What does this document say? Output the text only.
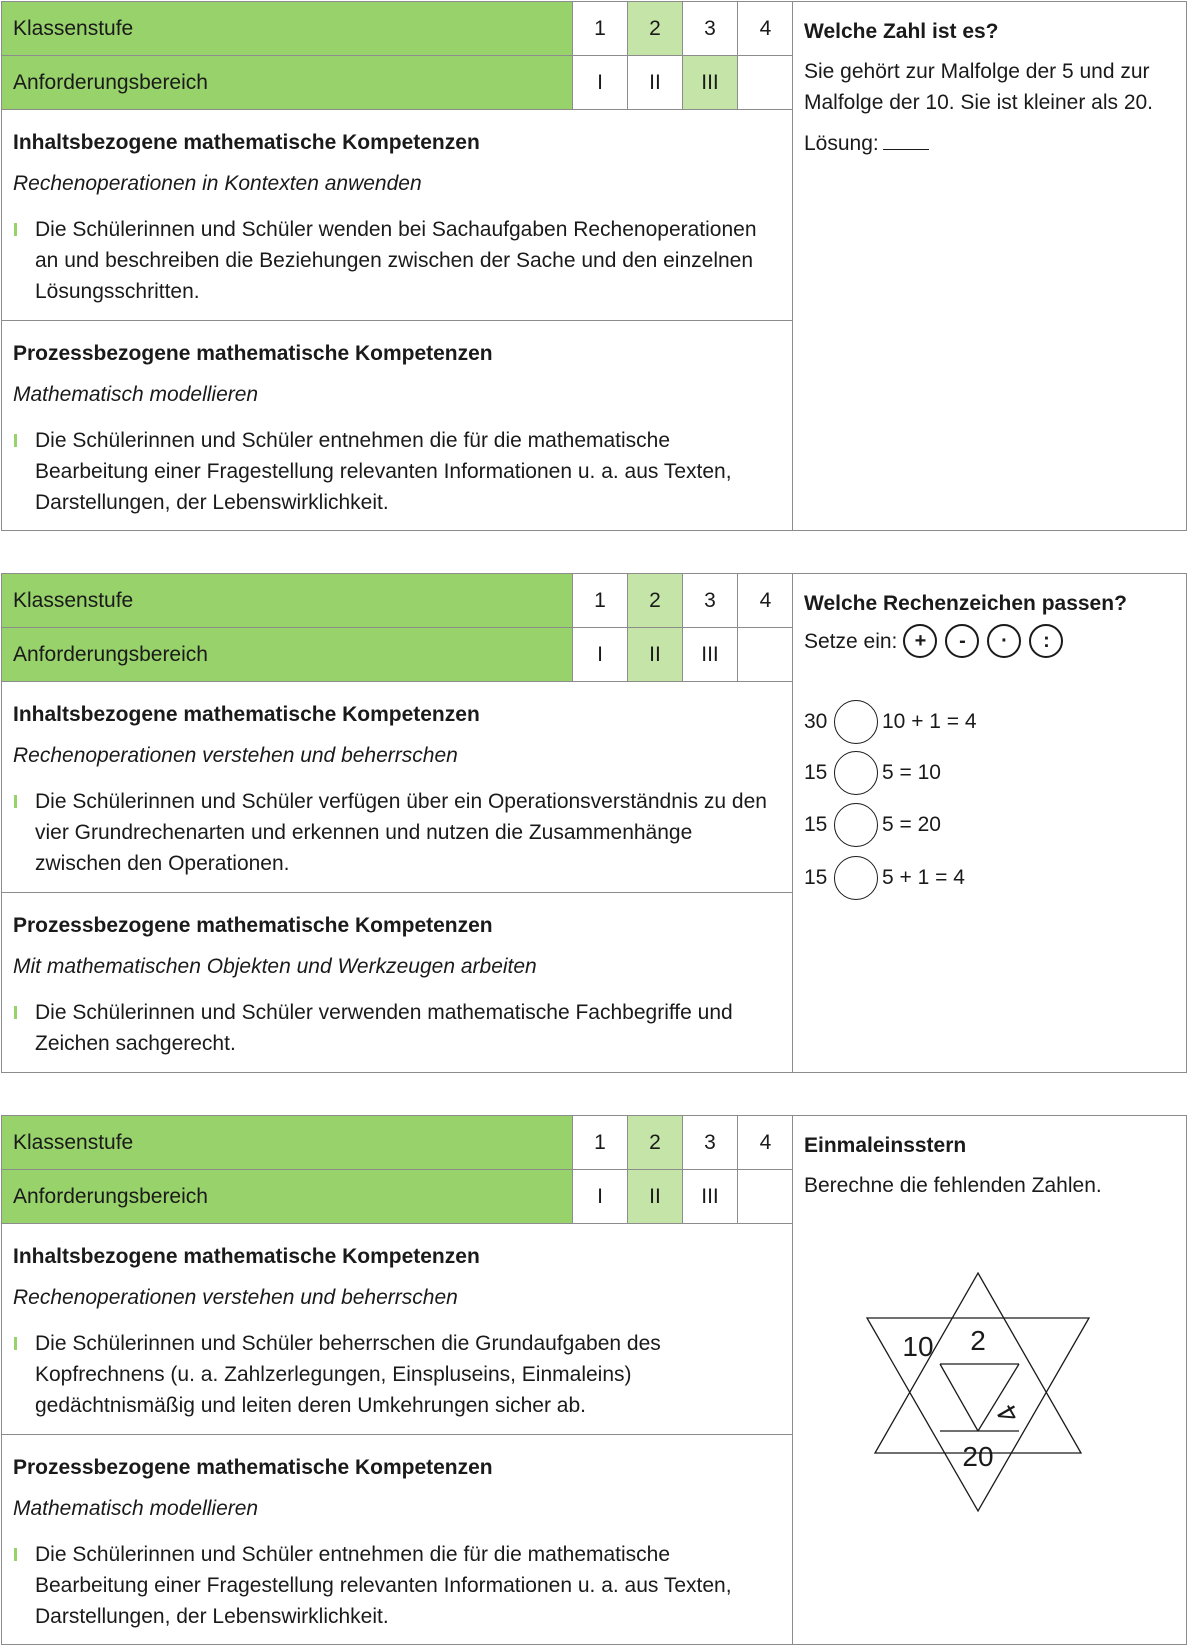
Klassenstufe	1	2	3	4
Anforderungsbereich	I	II	III
Inhaltsbezogene mathematische Kompetenzen
Rechenoperationen in Kontexten anwenden
Die Schülerinnen und Schüler wenden bei Sachaufgaben Rechenoperationen an und beschreiben die Beziehungen zwischen der Sache und den einzelnen Lösungsschritten.
Prozessbezogene mathematische Kompetenzen
Mathematisch modellieren
Die Schülerinnen und Schüler entnehmen die für die mathematische Bearbeitung einer Fragestellung relevanten Informationen u. a. aus Texten, Darstellungen, der Lebenswirklichkeit.
Welche Zahl ist es?
Sie gehört zur Malfolge der 5 und zur Malfolge der 10. Sie ist kleiner als 20.
Lösung:
Klassenstufe	1	2	3	4
Anforderungsbereich	I	II	III
Inhaltsbezogene mathematische Kompetenzen
Rechenoperationen verstehen und beherrschen
Die Schülerinnen und Schüler verfügen über ein Operationsverständnis zu den vier Grundrechenarten und erkennen und nutzen die Zusammenhänge zwischen den Operationen.
Prozessbezogene mathematische Kompetenzen
Mit mathematischen Objekten und Werkzeugen arbeiten
Die Schülerinnen und Schüler verwenden mathematische Fachbegriffe und Zeichen sachgerecht.
Welche Rechenzeichen passen?
Setze ein: +	-	·	:
30	10 + 1 = 4
15	5 = 10
15	5 = 20
15	5 + 1 = 4
Klassenstufe	1	2	3	4
Anforderungsbereich	I	II	III
Inhaltsbezogene mathematische Kompetenzen
Rechenoperationen verstehen und beherrschen
Die Schülerinnen und Schüler beherrschen die Grundaufgaben des Kopfrechnens (u. a. Zahlzerlegungen, Einspluseins, Einmaleins) gedächtnismäßig und leiten deren Umkehrungen sicher ab.
Prozessbezogene mathematische Kompetenzen
Mathematisch modellieren
Die Schülerinnen und Schüler entnehmen die für die mathematische Bearbeitung einer Fragestellung relevanten Informationen u. a. aus Texten, Darstellungen, der Lebenswirklichkeit.
Einmaleinsstern
Berechne die fehlenden Zahlen.
10 2
4
20
